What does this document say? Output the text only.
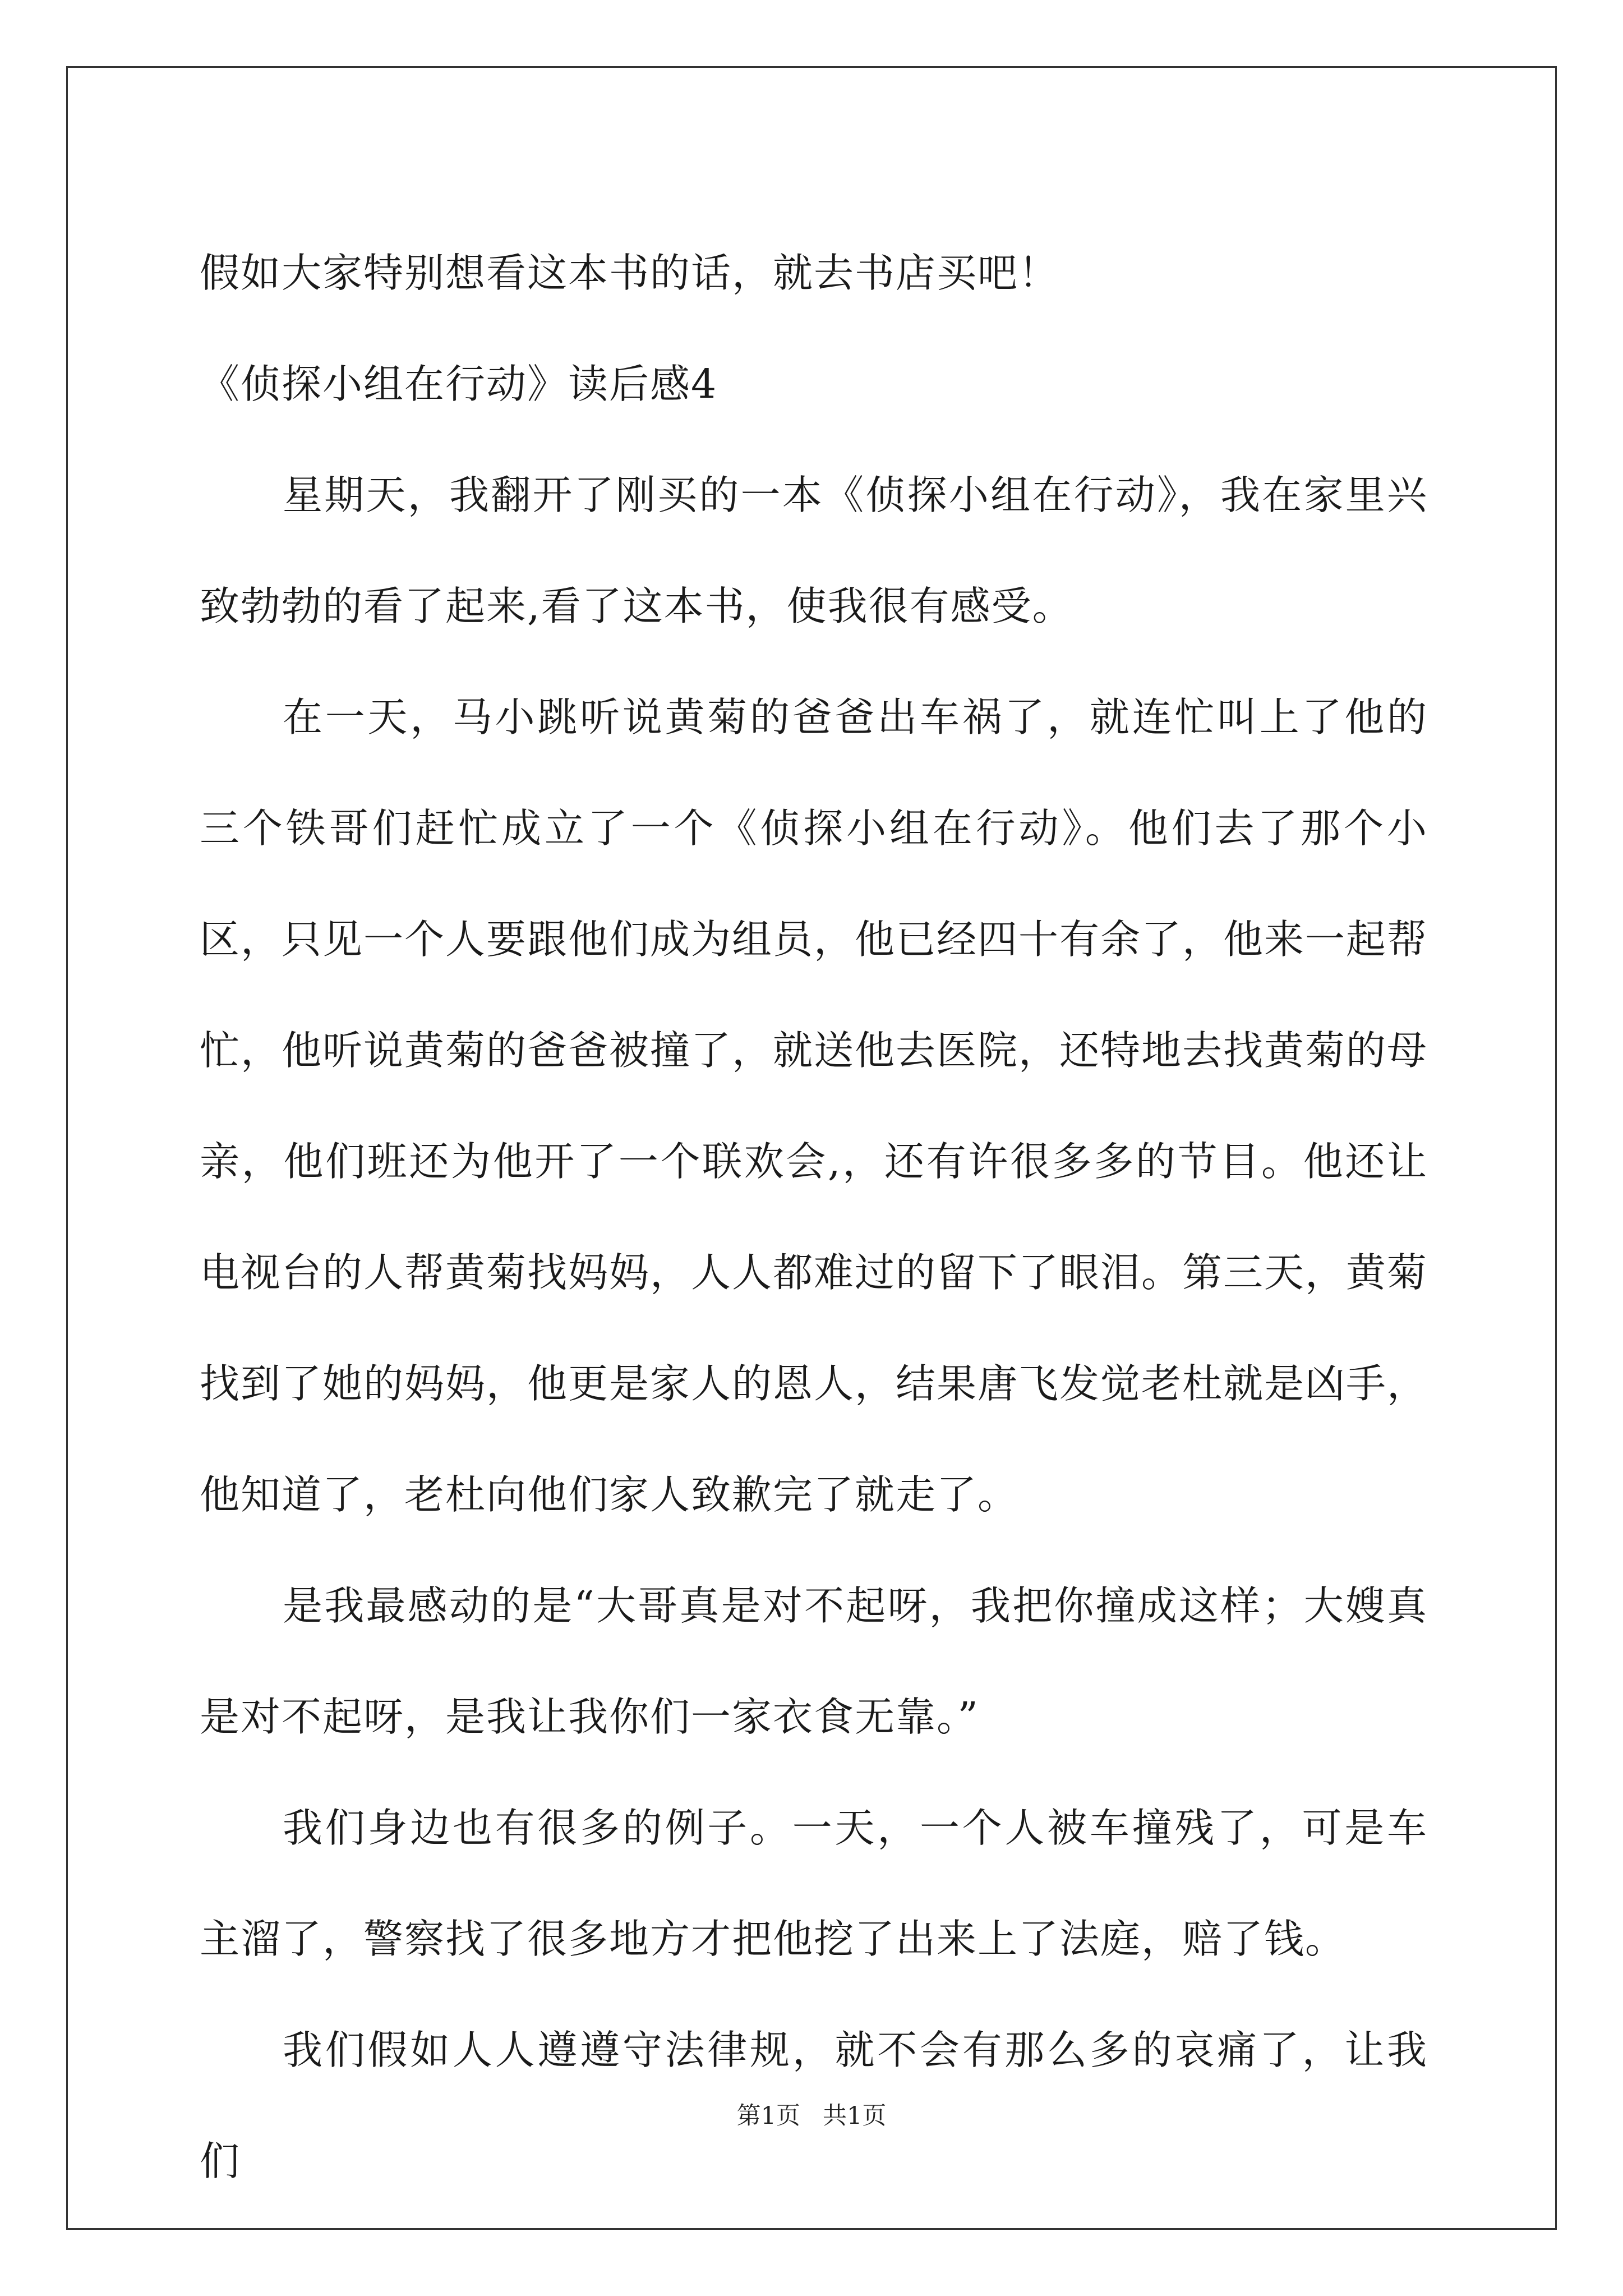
假如大家特别想看这本书的话，就去书店买吧！

《侦探小组在行动》读后感4

星期天，我翻开了刚买的一本《侦探小组在行动》，我在家里兴致勃勃的看了起来,看了这本书，使我很有感受。

在一天，马小跳听说黄菊的爸爸出车祸了，就连忙叫上了他的三个铁哥们赶忙成立了一个《侦探小组在行动》。他们去了那个小区，只见一个人要跟他们成为组员，他已经四十有余了，他来一起帮忙，他听说黄菊的爸爸被撞了，就送他去医院，还特地去找黄菊的母亲，他们班还为他开了一个联欢会,，还有许很多多的节目。他还让电视台的人帮黄菊找妈妈，人人都难过的留下了眼泪。第三天，黄菊找到了她的妈妈，他更是家人的恩人，结果唐飞发觉老杜就是凶手，他知道了，老杜向他们家人致歉完了就走了。

是我最感动的是“大哥真是对不起呀，我把你撞成这样；大嫂真是对不起呀，是我让我你们一家衣食无靠。”

我们身边也有很多的例子。一天，一个人被车撞残了，可是车主溜了，警察找了很多地方才把他挖了出来上了法庭，赔了钱。

我们假如人人遵遵守法律规，就不会有那么多的哀痛了，让我们

第1页 共1页
